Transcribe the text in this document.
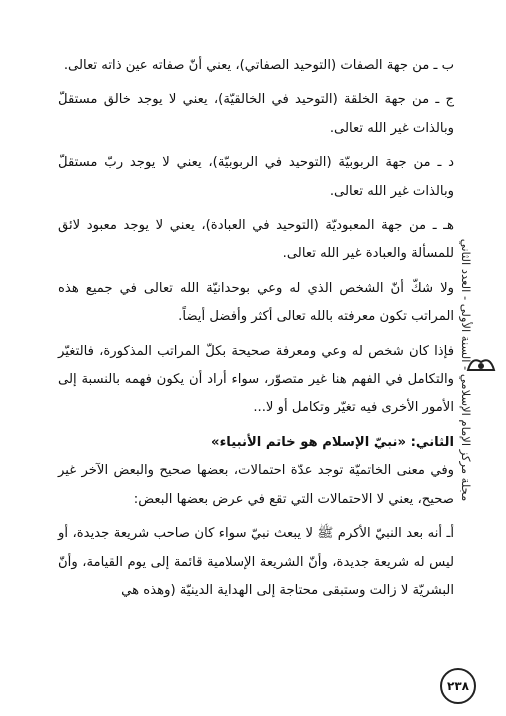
ب ـ من جهة الصفات (التوحيد الصفاتي)، يعني أنّ صفاته عين ذاته تعالى.

ج ـ من جهة الخلقة (التوحيد في الخالقيّة)، يعني لا يوجد خالق مستقلّ وبالذات غير الله تعالى.

د ـ من جهة الربوبيّة (التوحيد في الربوبيّة)، يعني لا يوجد ربّ مستقلّ وبالذات غير الله تعالى.

هـ ـ من جهة المعبوديّة (التوحيد في العبادة)، يعني لا يوجد معبود لائق للمسألة والعبادة غير الله تعالى.

ولا شكّ أنّ الشخص الذي له وعي بوحدانيّة الله تعالى في جميع هذه المراتب تكون معرفته بالله تعالى أكثر وأفضل أيضاً.

فإذا كان شخص له وعي ومعرفة صحيحة بكلّ المراتب المذكورة، فالتغيّر والتكامل في الفهم هنا غير متصوّر، سواء أراد أن يكون فهمه بالنسبة إلى الأمور الأخرى فيه تغيّر وتكامل أو لا...

الثاني: «نبيّ الإسلام هو خاتم الأنبياء»

وفي معنى الخاتميّة توجد عدّة احتمالات، بعضها صحيح والبعض الآخر غير صحيح، يعني لا الاحتمالات التي تقع في عرض بعضها البعض:

أـ أنه بعد النبيّ الأكرم ﷺ لا يبعث نبيّ سواء كان صاحب شريعة جديدة، أو ليس له شريعة جديدة، وأنّ الشريعة الإسلامية قائمة إلى يوم القيامة، وأنّ البشريّة لا زالت وستبقى محتاجة إلى الهداية الدينيّة (وهذه هي

مجلة مركز الإمام الإسلامي - السنة الأولى - العدد الثاني
٢٣٨
